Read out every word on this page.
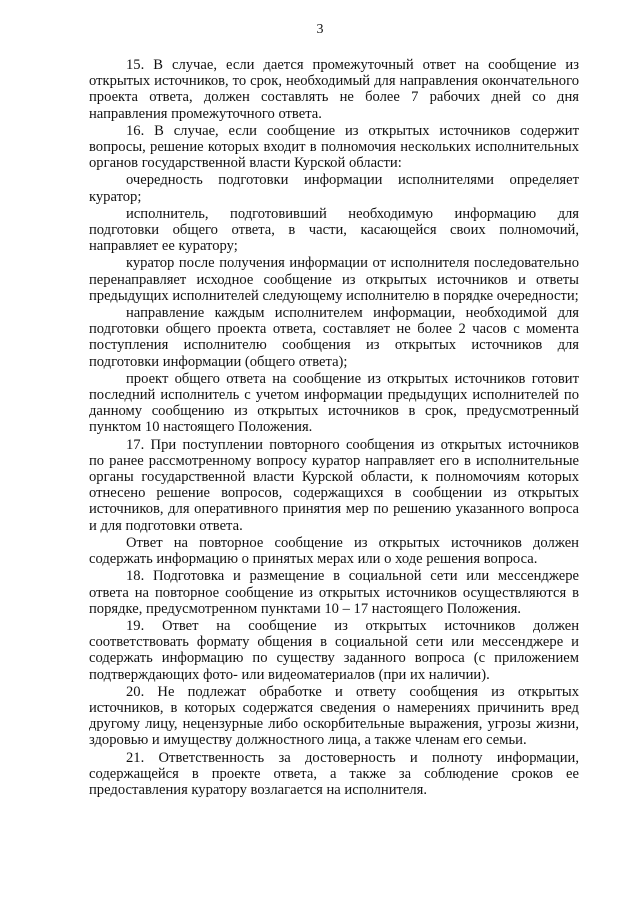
3

15. В случае, если дается промежуточный ответ на сообщение из открытых источников, то срок, необходимый для направления окончательного проекта ответа, должен составлять не более 7 рабочих дней со дня направления промежуточного ответа.

16. В случае, если сообщение из открытых источников содержит вопросы, решение которых входит в полномочия нескольких исполнительных органов государственной власти Курской области:

очередность подготовки информации исполнителями определяет куратор;

исполнитель, подготовивший необходимую информацию для подготовки общего ответа, в части, касающейся своих полномочий, направляет ее куратору;

куратор после получения информации от исполнителя последовательно перенаправляет исходное сообщение из открытых источников и ответы предыдущих исполнителей следующему исполнителю в порядке очередности;

направление каждым исполнителем информации, необходимой для подготовки общего проекта ответа, составляет не более 2 часов с момента поступления исполнителю сообщения из открытых источников для подготовки информации (общего ответа);

проект общего ответа на сообщение из открытых источников готовит последний исполнитель с учетом информации предыдущих исполнителей по данному сообщению из открытых источников в срок, предусмотренный пунктом 10 настоящего Положения.

17. При поступлении повторного сообщения из открытых источников по ранее рассмотренному вопросу куратор направляет его в исполнительные органы государственной власти Курской области, к полномочиям которых отнесено решение вопросов, содержащихся в сообщении из открытых источников, для оперативного принятия мер по решению указанного вопроса и для подготовки ответа.

Ответ на повторное сообщение из открытых источников должен содержать информацию о принятых мерах или о ходе решения вопроса.

18. Подготовка и размещение в социальной сети или мессенджере ответа на повторное сообщение из открытых источников осуществляются в порядке, предусмотренном пунктами 10 – 17 настоящего Положения.

19. Ответ на сообщение из открытых источников должен соответствовать формату общения в социальной сети или мессенджере и содержать информацию по существу заданного вопроса (с приложением подтверждающих фото- или видеоматериалов (при их наличии).

20. Не подлежат обработке и ответу сообщения из открытых источников, в которых содержатся сведения о намерениях причинить вред другому лицу, нецензурные либо оскорбительные выражения, угрозы жизни, здоровью и имуществу должностного лица, а также членам его семьи.

21. Ответственность за достоверность и полноту информации, содержащейся в проекте ответа, а также за соблюдение сроков ее предоставления куратору возлагается на исполнителя.
